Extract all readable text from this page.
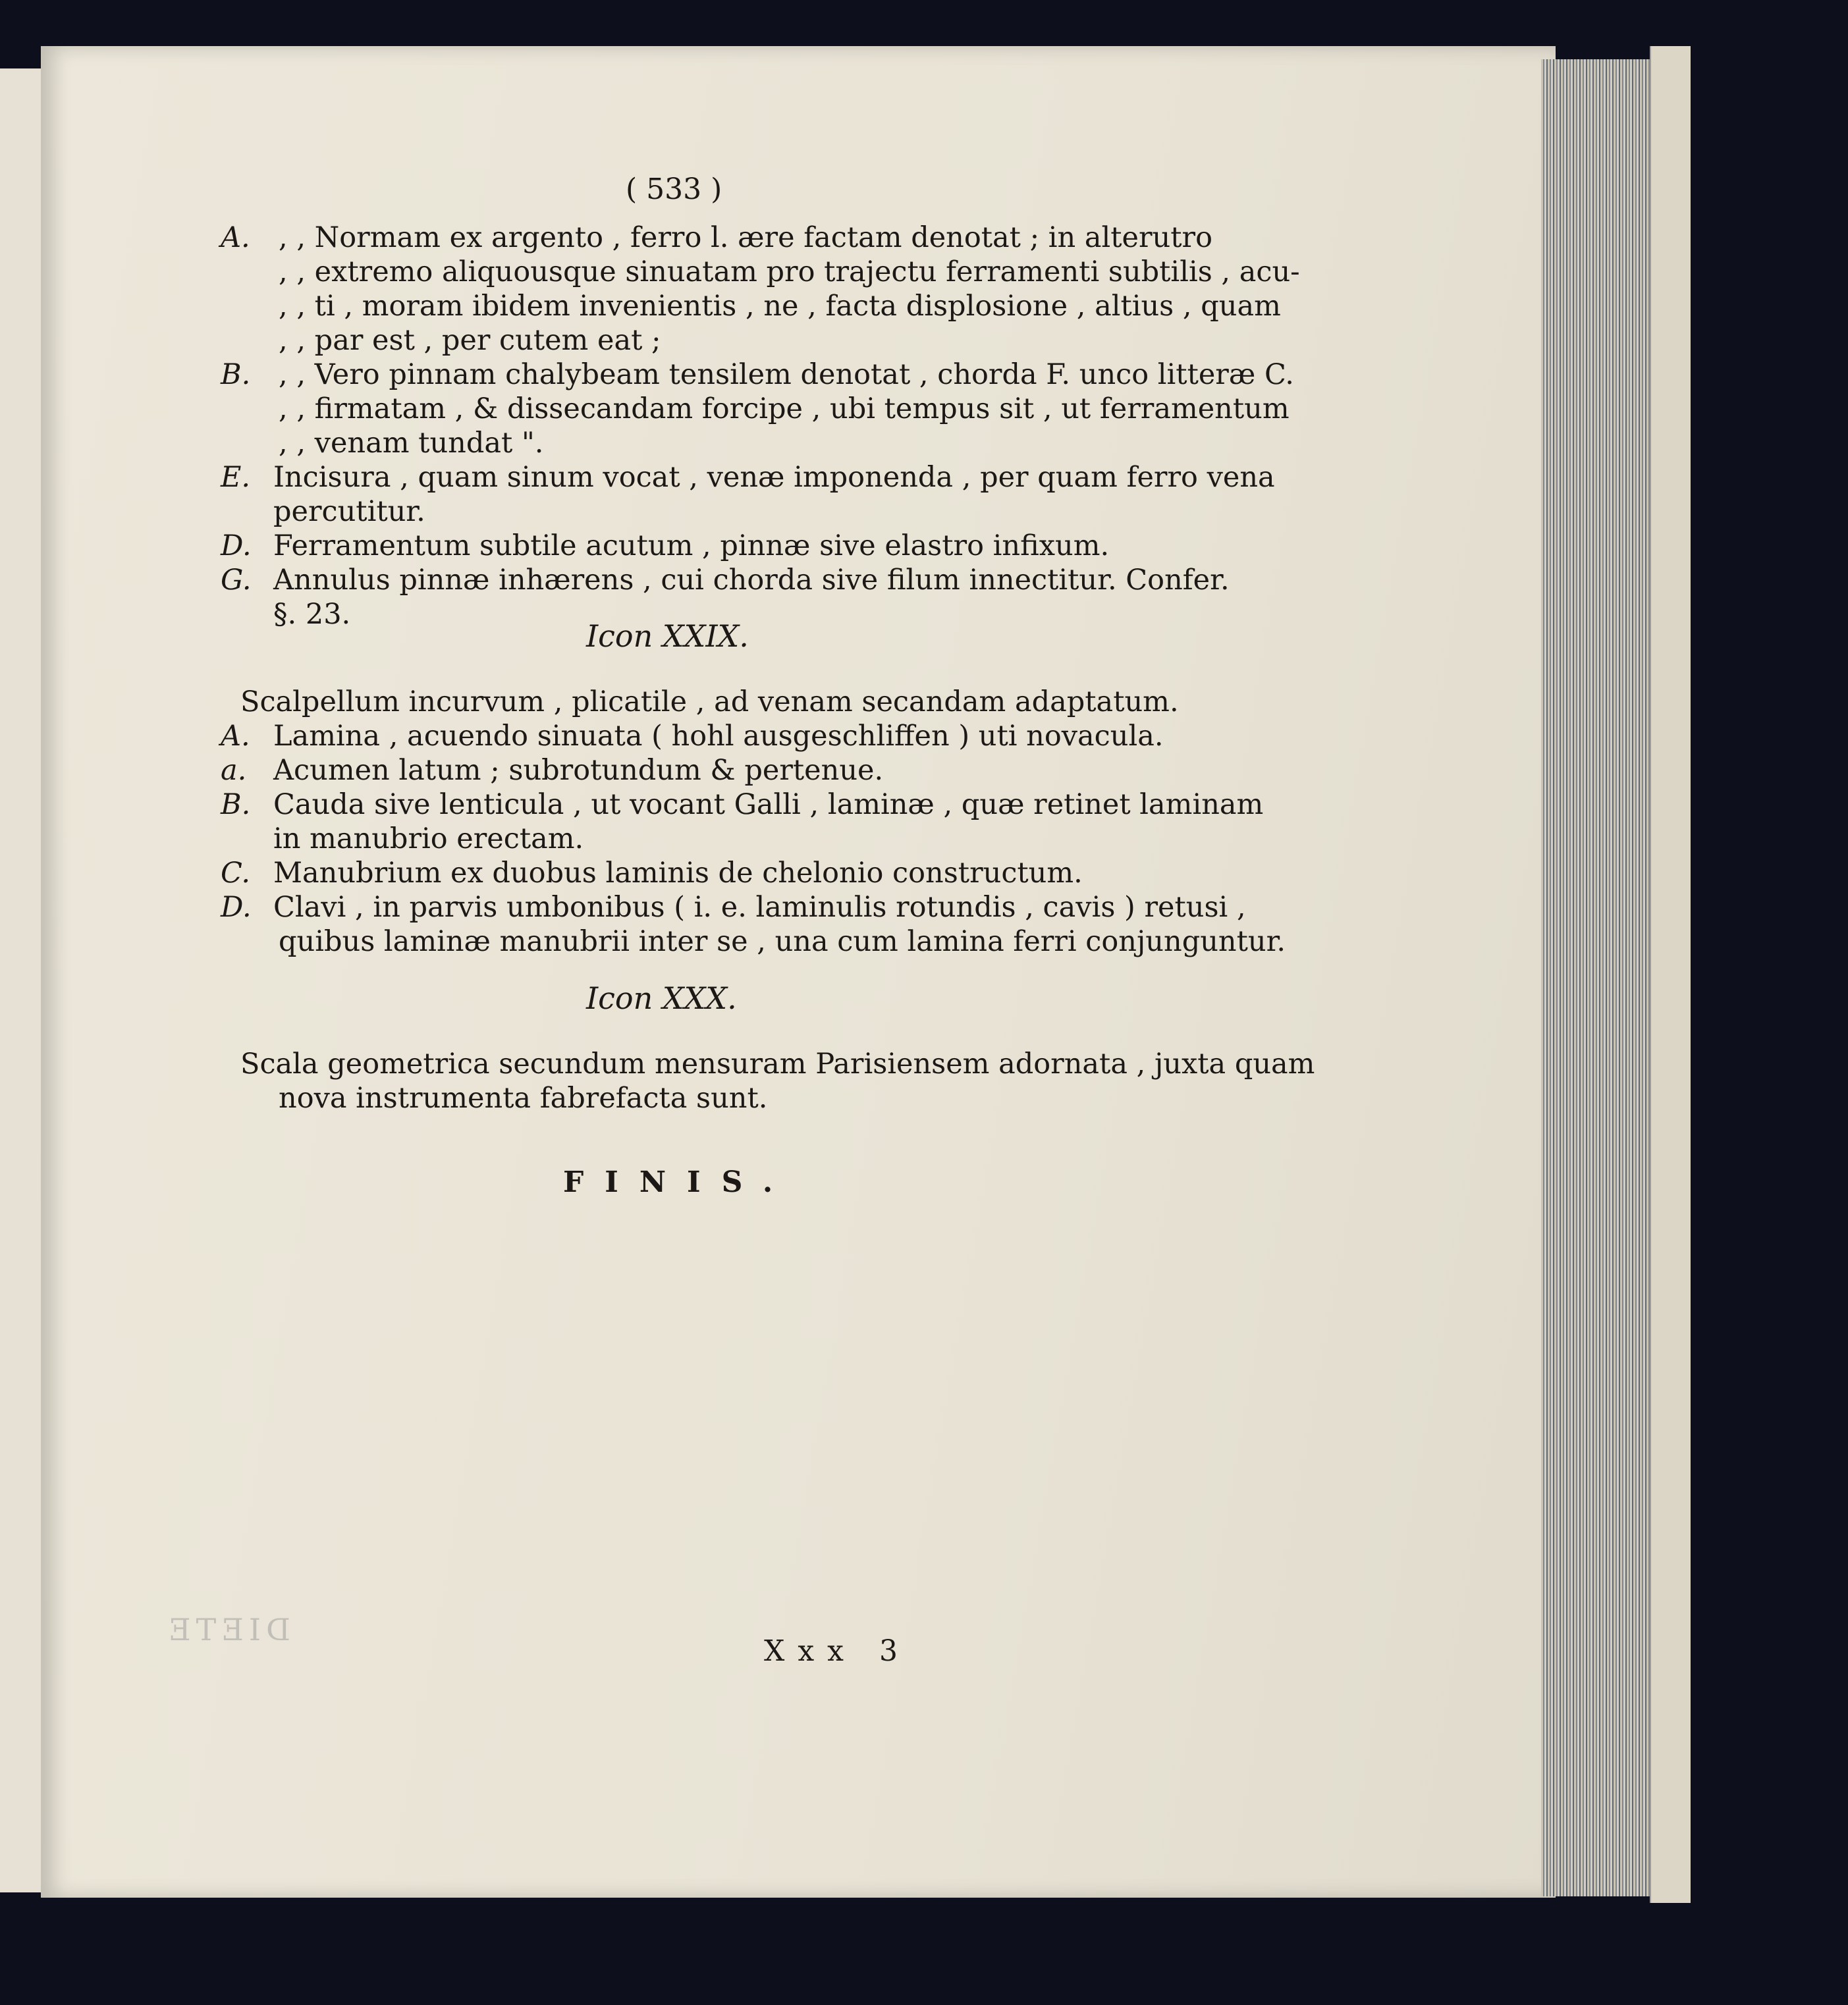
( 533 )
A.	, , Normam ex argento , ferro l. ære factam denotat ; in alterutro
, , extremo aliquousque sinuatam pro trajectu ferramenti subtilis , acu-
, , ti , moram ibidem invenientis , ne , facta displosione , altius , quam
, , par est , per cutem eat ;
B. , , Vero pinnam chalybeam tensilem denotat , chorda F. unco litteræ C.
, , firmatam , & dissecandam forcipe , ubi tempus sit , ut ferramentum
, , venam tundat ".
E. Incisura , quam sinum vocat , venæ imponenda , per quam ferro vena
percutitur.
D. Ferramentum subtile acutum , pinnæ sive elastro infixum.
G. Annulus pinnæ inhærens , cui chorda sive filum innectitur. Confer.
§. 23.
Icon XXIX.
Scalpellum incurvum , plicatile , ad venam secandam adaptatum.
A. Lamina , acuendo sinuata ( hohl ausgeschliffen ) uti novacula.
a. Acumen latum ; subrotundum & pertenue.
B. Cauda sive lenticula , ut vocant Galli , laminæ , quæ retinet laminam
in manubrio erectam.
C. Manubrium ex duobus laminis de chelonio constructum.
D. Clavi , in parvis umbonibus ( i. e. laminulis rotundis , cavis ) retusi ,
quibus laminæ manubrii inter se , una cum lamina ferri conjunguntur.
Icon XXX.
Scala geometrica secundum mensuram Parisiensem adornata , juxta quam
nova instrumenta fabrefacta sunt.
FINIS.
DIETE
Xxx 3
